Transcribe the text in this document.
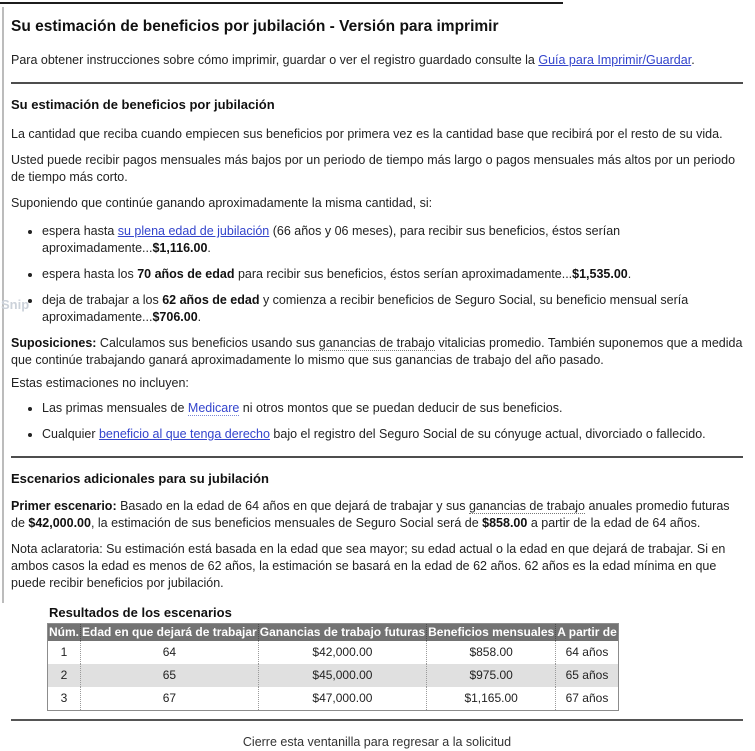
Snip
Su estimación de beneficios por jubilación - Versión para imprimir

Para obtener instrucciones sobre cómo imprimir, guardar o ver el registro guardado consulte la Guía para Imprimir/Guardar.

Su estimación de beneficios por jubilación

La cantidad que reciba cuando empiecen sus beneficios por primera vez es la cantidad base que recibirá por el resto de su vida.

Usted puede recibir pagos mensuales más bajos por un periodo de tiempo más largo o pagos mensuales más altos por un periodo de tiempo más corto.

Suponiendo que continúe ganando aproximadamente la misma cantidad, si:

• espera hasta su plena edad de jubilación (66 años y 06 meses), para recibir sus beneficios, éstos serían aproximadamente...$1,116.00.
• espera hasta los 70 años de edad para recibir sus beneficios, éstos serían aproximadamente...$1,535.00.
• deja de trabajar a los 62 años de edad y comienza a recibir beneficios de Seguro Social, su beneficio mensual sería aproximadamente...$706.00.

Suposiciones: Calculamos sus beneficios usando sus ganancias de trabajo vitalicias promedio. También suponemos que a medida que continúe trabajando ganará aproximadamente lo mismo que sus ganancias de trabajo del año pasado.

Estas estimaciones no incluyen:

• Las primas mensuales de Medicare ni otros montos que se puedan deducir de sus beneficios.
• Cualquier beneficio al que tenga derecho bajo el registro del Seguro Social de su cónyuge actual, divorciado o fallecido.
Escenarios adicionales para su jubilación

Primer escenario: Basado en la edad de 64 años en que dejará de trabajar y sus ganancias de trabajo anuales promedio futuras de $42,000.00, la estimación de sus beneficios mensuales de Seguro Social será de $858.00 a partir de la edad de 64 años.

Nota aclaratoria: Su estimación está basada en la edad que sea mayor; su edad actual o la edad en que dejará de trabajar. Si en ambos casos la edad es menos de 62 años, la estimación se basará en la edad de 62 años. 62 años es la edad mínima en que puede recibir beneficios por jubilación.

Resultados de los escenarios
Núm.	Edad en que dejará de trabajar	Ganancias de trabajo futuras	Beneficios mensuales	A partir de
1	64	$42,000.00	$858.00	64 años
2	65	$45,000.00	$975.00	65 años
3	67	$47,000.00	$1,165.00	67 años

Cierre esta ventanilla para regresar a la solicitud
